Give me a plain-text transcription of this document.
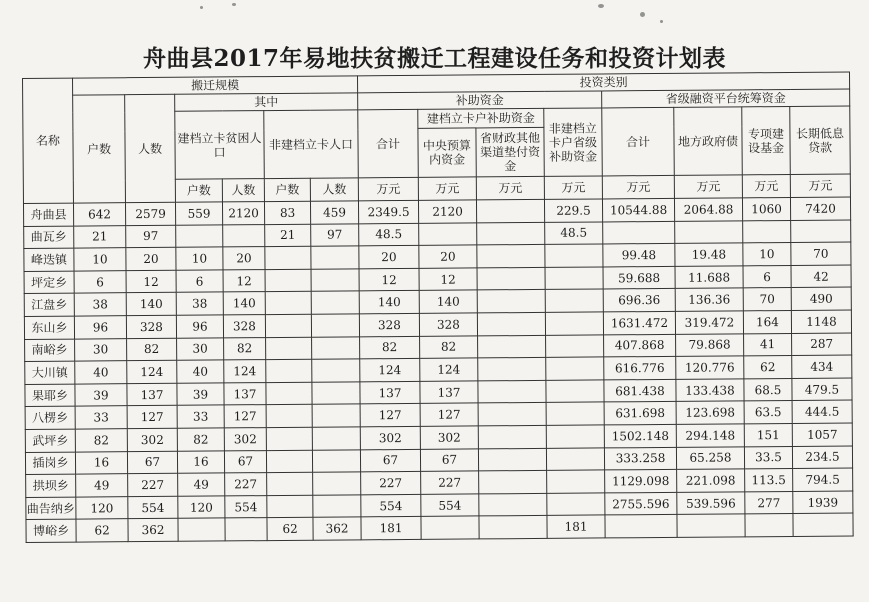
舟曲县2017年易地扶贫搬迁工程建设任务和投资计划表
名称	搬迁规模						投资类别							
	户数	人数	其中				补助资金				省级融资平台统筹资金			
			建档立卡贫困人口		非建档立卡人口		合计	建档立卡户补助资金		非建档立卡户省级补助资金	合计	地方政府债	专项建设基金	长期低息贷款
								中央预算内资金	省财政其他渠道垫付资金					
			户数	人数	户数	人数	万元	万元	万元	万元	万元	万元	万元	万元
舟曲县	642	2579	559	2120	83	459	2349.5	2120		229.5	10544.88	2064.88	1060	7420
曲瓦乡	21	97			21	97	48.5			48.5				
峰迭镇	10	20	10	20			20	20			99.48	19.48	10	70
坪定乡	6	12	6	12			12	12			59.688	11.688	6	42
江盘乡	38	140	38	140			140	140			696.36	136.36	70	490
东山乡	96	328	96	328			328	328			1631.472	319.472	164	1148
南峪乡	30	82	30	82			82	82			407.868	79.868	41	287
大川镇	40	124	40	124			124	124			616.776	120.776	62	434
果耶乡	39	137	39	137			137	137			681.438	133.438	68.5	479.5
八楞乡	33	127	33	127			127	127			631.698	123.698	63.5	444.5
武坪乡	82	302	82	302			302	302			1502.148	294.148	151	1057
插岗乡	16	67	16	67			67	67			333.258	65.258	33.5	234.5
拱坝乡	49	227	49	227			227	227			1129.098	221.098	113.5	794.5
曲告纳乡	120	554	120	554			554	554			2755.596	539.596	277	1939
博峪乡	62	362			62	362	181			181				
